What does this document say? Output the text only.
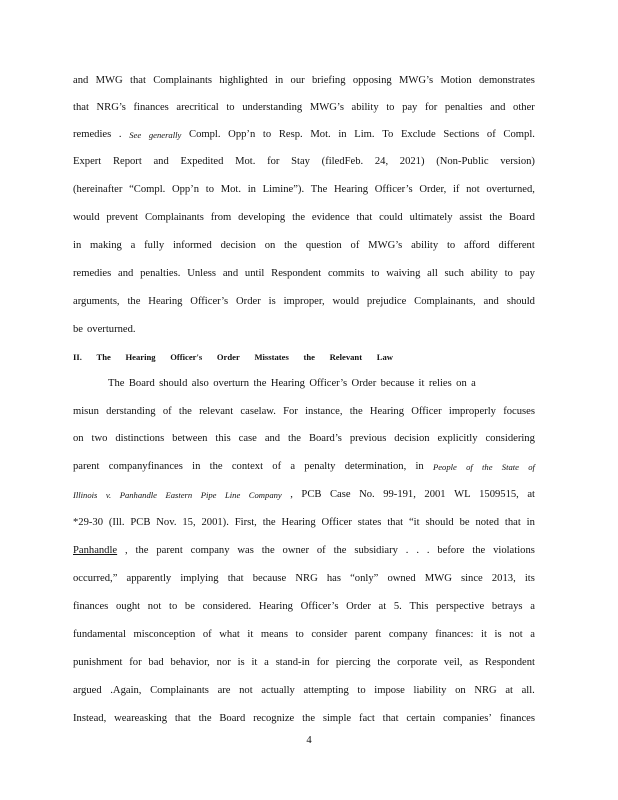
and MWG that Complainants highlighted in our briefing opposing MWG’s Motion demonstrates
that NRG’s finances arecritical to understanding MWG’s ability to pay for penalties and other
remedies . See generally Compl. Opp’n to Resp. Mot. in Lim. To Exclude Sections of Compl.
Expert Report and Expedited Mot. for Stay (filedFeb. 24, 2021) (Non-Public version)
(hereinafter “Compl. Opp’n to Mot. in Limine”). The Hearing Officer’s Order, if not overturned,
would prevent Complainants from developing the evidence that could ultimately assist the Board
in making a fully informed decision on the question of MWG’s ability to afford different
remedies and penalties. Unless and until Respondent commits to waiving all such ability to pay
arguments, the Hearing Officer’s Order is improper, would prejudice Complainants, and should
be overturned.
The Board should also overturn the Hearing Officer’s Order because it relies on a
misun derstanding of the relevant caselaw. For instance, the Hearing Officer improperly focuses
on two distinctions between this case and the Board’s previous decision explicitly considering
parent companyfinances in the context of a penalty determination, in People of the State of
Illinois v. Panhandle Eastern Pipe Line Company , PCB Case No. 99-191, 2001 WL 1509515, at
*29-30 (Ill. PCB Nov. 15, 2001). First, the Hearing Officer states that “it should be noted that in
Panhandle , the parent company was the owner of the subsidiary . . . before the violations
occurred,” apparently implying that because NRG has “only” owned MWG since 2013, its
finances ought not to be considered. Hearing Officer’s Order at 5. This perspective betrays a
fundamental misconception of what it means to consider parent company finances: it is not a
punishment for bad behavior, nor is it a stand-in for piercing the corporate veil, as Respondent
argued .Again, Complainants are not actually attempting to impose liability on NRG at all.
Instead, weareasking that the Board recognize the simple fact that certain companies’ finances
II. The Hearing Officer's Order Misstates the Relevant Law
4
